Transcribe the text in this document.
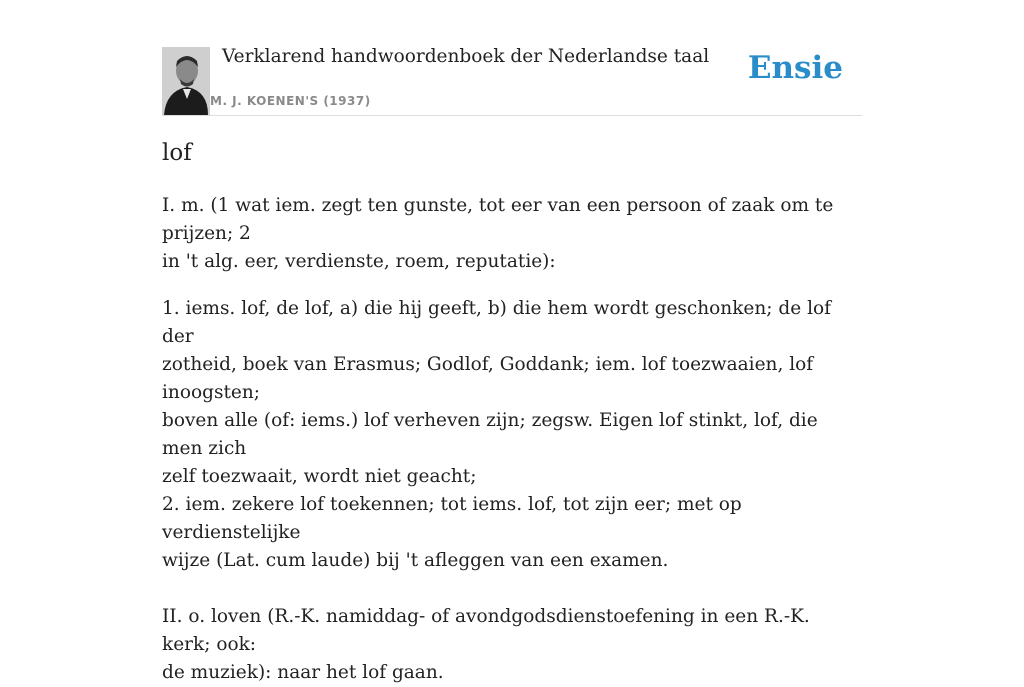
Verklarend handwoordenboek der Nederlandse taal
M. J. KOENEN'S (1937)
Ensie
lof

I. m. (1 wat iem. zegt ten gunste, tot eer van een persoon of zaak om te prijzen; 2
in 't alg. eer, verdienste, roem, reputatie):

1. iems. lof, de lof, a) die hij geeft, b) die hem wordt geschonken; de lof der
zotheid, boek van Erasmus; Godlof, Goddank; iem. lof toezwaaien, lof inoogsten;
boven alle (of: iems.) lof verheven zijn; zegsw. Eigen lof stinkt, lof, die men zich
zelf toezwaait, wordt niet geacht;
2. iem. zekere lof toekennen; tot iems. lof, tot zijn eer; met op verdienstelijke
wijze (Lat. cum laude) bij 't afleggen van een examen.

II. o. loven (R.-K. namiddag- of avondgodsdienstoefening in een R.-K. kerk; ook:
de muziek): naar het lof gaan.
